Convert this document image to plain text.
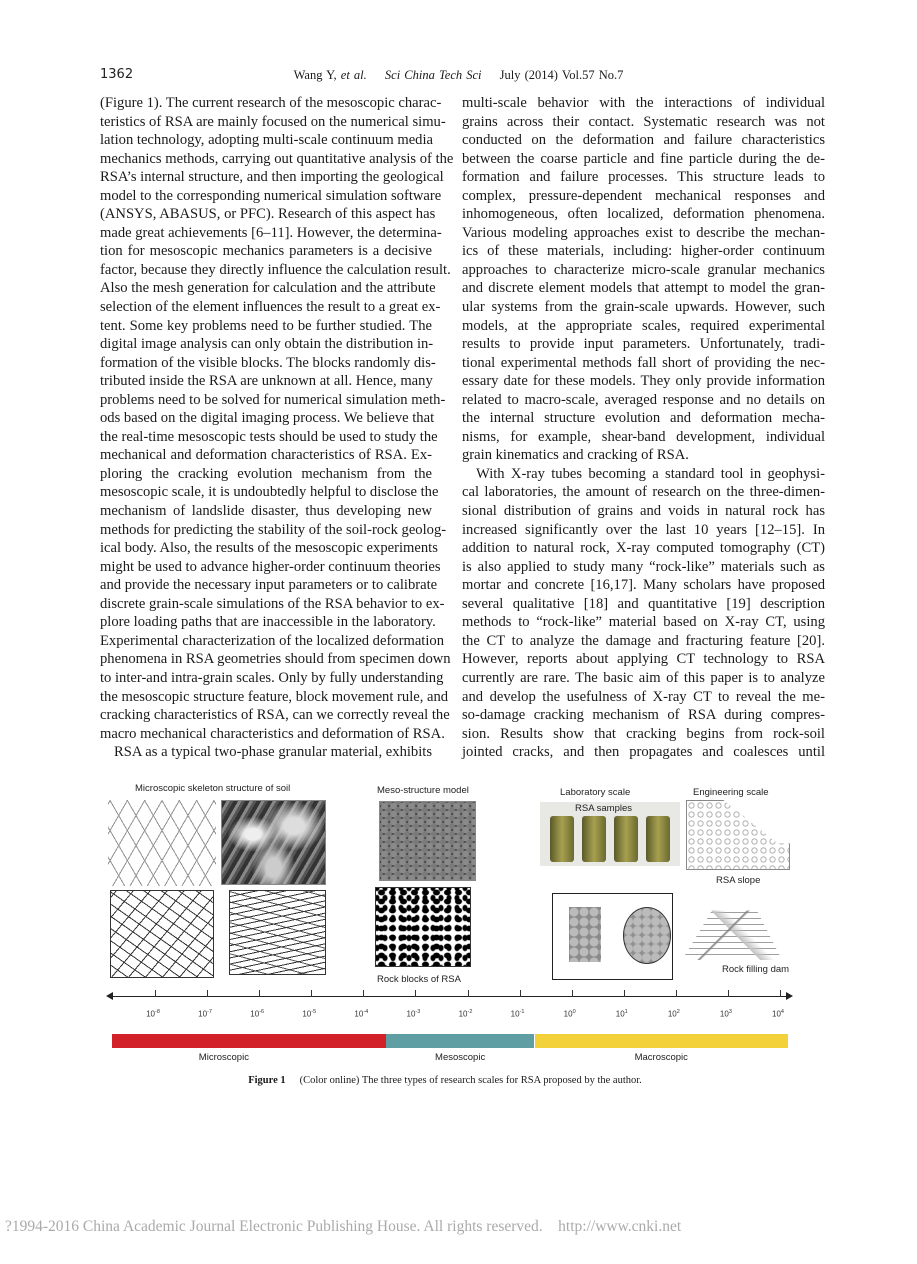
1362	Wang Y, et al. Sci China Tech Sci July (2014) Vol.57 No.7
(Figure 1). The current research of the mesoscopic charac-
teristics of RSA are mainly focused on the numerical simu-
lation technology, adopting multi-scale continuum media
mechanics methods, carrying out quantitative analysis of the
RSA’s internal structure, and then importing the geological
model to the corresponding numerical simulation software
(ANSYS, ABASUS, or PFC). Research of this aspect has
made great achievements [6–11]. However, the determina-
tion for mesoscopic mechanics parameters is a decisive
factor, because they directly influence the calculation result.
Also the mesh generation for calculation and the attribute
selection of the element influences the result to a great ex-
tent. Some key problems need to be further studied. The
digital image analysis can only obtain the distribution in-
formation of the visible blocks. The blocks randomly dis-
tributed inside the RSA are unknown at all. Hence, many
problems need to be solved for numerical simulation meth-
ods based on the digital imaging process. We believe that
the real-time mesoscopic tests should be used to study the
mechanical and deformation characteristics of RSA. Ex-
ploring the cracking evolution mechanism from the
mesoscopic scale, it is undoubtedly helpful to disclose the
mechanism of landslide disaster, thus developing new
methods for predicting the stability of the soil-rock geolog-
ical body. Also, the results of the mesoscopic experiments
might be used to advance higher-order continuum theories
and provide the necessary input parameters or to calibrate
discrete grain-scale simulations of the RSA behavior to ex-
plore loading paths that are inaccessible in the laboratory.
Experimental characterization of the localized deformation
phenomena in RSA geometries should from specimen down
to inter-and intra-grain scales. Only by fully understanding
the mesoscopic structure feature, block movement rule, and
cracking characteristics of RSA, can we correctly reveal the
macro mechanical characteristics and deformation of RSA.
RSA as a typical two-phase granular material, exhibits
multi-scale behavior with the interactions of individual
grains across their contact. Systematic research was not
conducted on the deformation and failure characteristics
between the coarse particle and fine particle during the de-
formation and failure processes. This structure leads to
complex, pressure-dependent mechanical responses and
inhomogeneous, often localized, deformation phenomena.
Various modeling approaches exist to describe the mechan-
ics of these materials, including: higher-order continuum
approaches to characterize micro-scale granular mechanics
and discrete element models that attempt to model the gran-
ular systems from the grain-scale upwards. However, such
models, at the appropriate scales, required experimental
results to provide input parameters. Unfortunately, tradi-
tional experimental methods fall short of providing the nec-
essary date for these models. They only provide information
related to macro-scale, averaged response and no details on
the internal structure evolution and deformation mecha-
nisms, for example, shear-band development, individual
grain kinematics and cracking of RSA.
With X-ray tubes becoming a standard tool in geophysi-
cal laboratories, the amount of research on the three-dimen-
sional distribution of grains and voids in natural rock has
increased significantly over the last 10 years [12–15]. In
addition to natural rock, X-ray computed tomography (CT)
is also applied to study many “rock-like” materials such as
mortar and concrete [16,17]. Many scholars have proposed
several qualitative [18] and quantitative [19] description
methods to “rock-like” material based on X-ray CT, using
the CT to analyze the damage and fracturing feature [20].
However, reports about applying CT technology to RSA
currently are rare. The basic aim of this paper is to analyze
and develop the usefulness of X-ray CT to reveal the me-
so-damage cracking mechanism of RSA during compres-
sion. Results show that cracking begins from rock-soil
jointed cracks, and then propagates and coalesces until
Microscopic skeleton structure of soil	Meso-structure model	Laboratory scale	Engineering scale
RSA samples
RSA slope
Rock blocks of RSA
Rock filling dam
$10^{-8}$	$10^{-7}$	$10^{-6}$	$10^{-5}$	$10^{-4}$	$10^{-3}$	$10^{-2}$	$10^{-1}$	$10^0$	$10^1$	$10^2$	$10^3$	$10^4$
Microscopic	Mesoscopic	Macroscopic
Figure 1 (Color online) The three types of research scales for RSA proposed by the author.
?1994-2016 China Academic Journal Electronic Publishing House. All rights reserved.    http://www.cnki.net
